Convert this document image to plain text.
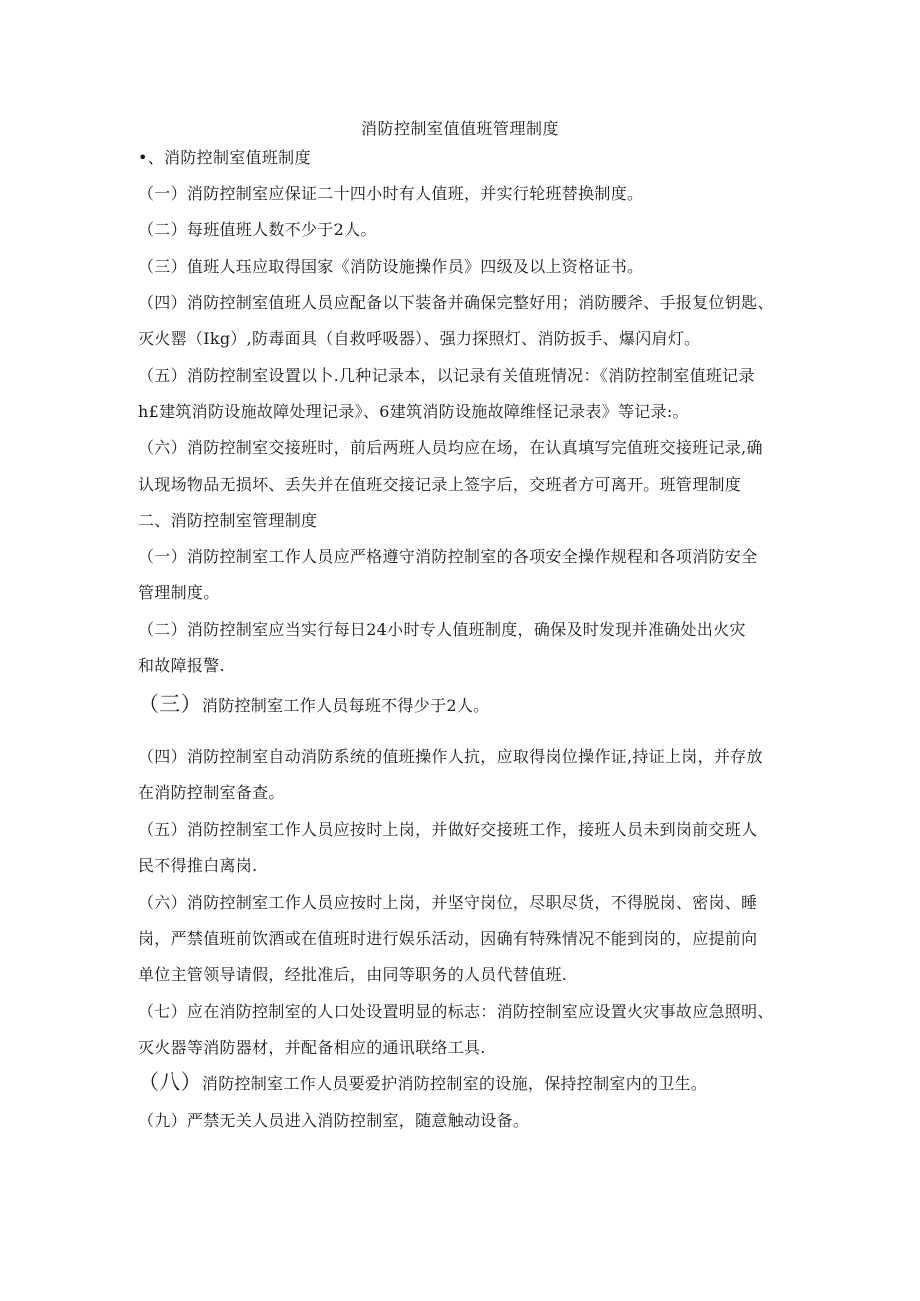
消防控制室值值班管理制度
•、消防控制室值班制度
（一）消防控制室应保证二十四小时有人值班，并实行轮班替换制度。
（二）每班值班人数不少于2人。
（三）值班人珏应取得国家《消防设施操作员》四级及以上资格证书。
（四）消防控制室值班人员应配备以下装备并确保完整好用；消防腰斧、手报复位钥匙、
灭火罂（Ikg）,防毒面具（自救呼吸器）、强力探照灯、消防扳手、爆闪肩灯。
（五）消防控制室设置以卜.几种记录本，以记录有关值班情况：《消防控制室值班记录
h£建筑消防设施故障处理记录》、6建筑消防设施故障维怪记录表》等记录:。
（六）消防控制室交接班时，前后两班人员均应在场，在认真填写完值班交接班记录,确
认现场物品无损坏、丢失并在值班交接记录上签字后，交班者方可离开。班管理制度
二、消防控制室管理制度
（一）消防控制室工作人员应严格遵守消防控制室的各项安全操作规程和各项消防安全
管理制度。
（二）消防控制室应当实行每日24小时专人值班制度，确保及时发现并准确处出火灾
和故障报警.
（三）消防控制室工作人员每班不得少于2人。
（四）消防控制室自动消防系统的值班操作人抗，应取得岗位操作证,持证上岗，并存放
在消防控制室备查。
（五）消防控制室工作人员应按时上岗，并做好交接班工作，接班人员未到岗前交班人
民不得推白离岗.
（六）消防控制室工作人员应按时上岗，并坚守岗位，尽职尽货，不得脱岗、密岗、睡
岗，严禁值班前饮酒或在值班时进行娱乐活动，因确有特殊情况不能到岗的，应提前向
单位主管领导请假，经批准后，由同等职务的人员代替值班.
（七）应在消防控制室的人口处设置明显的标志：消防控制室应设置火灾事故应急照明、
灭火器等消防器材，并配备相应的通讯联络工具.
（八）消防控制室工作人员要爱护消防控制室的设施，保持控制室内的卫生。
（九）严禁无关人员进入消防控制室，随意触动设备。
